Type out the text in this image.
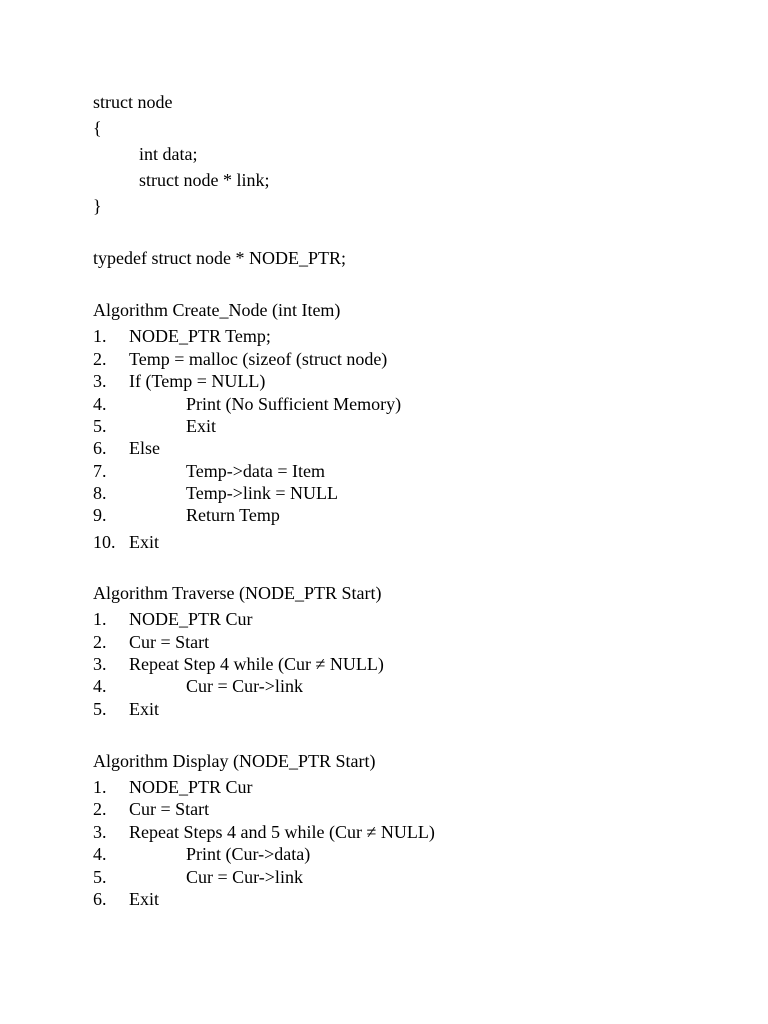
struct node
{
int data;
struct node * link;
}
typedef struct node * NODE_PTR;
Algorithm Create_Node (int Item)
1. NODE_PTR Temp;
2. Temp = malloc (sizeof (struct node)
3. If (Temp = NULL)
4.	Print (No Sufficient Memory)
5.	Exit
6. Else
7.	Temp->data = Item
8.	Temp->link = NULL
9.	Return Temp
10. Exit
Algorithm Traverse (NODE_PTR Start)
1. NODE_PTR Cur
2. Cur = Start
3. Repeat Step 4 while (Cur ≠ NULL)
4.	Cur = Cur->link
5. Exit
Algorithm Display (NODE_PTR Start)
1. NODE_PTR Cur
2. Cur = Start
3. Repeat Steps 4 and 5 while (Cur ≠ NULL)
4.	Print (Cur->data)
5.	Cur = Cur->link
6. Exit
